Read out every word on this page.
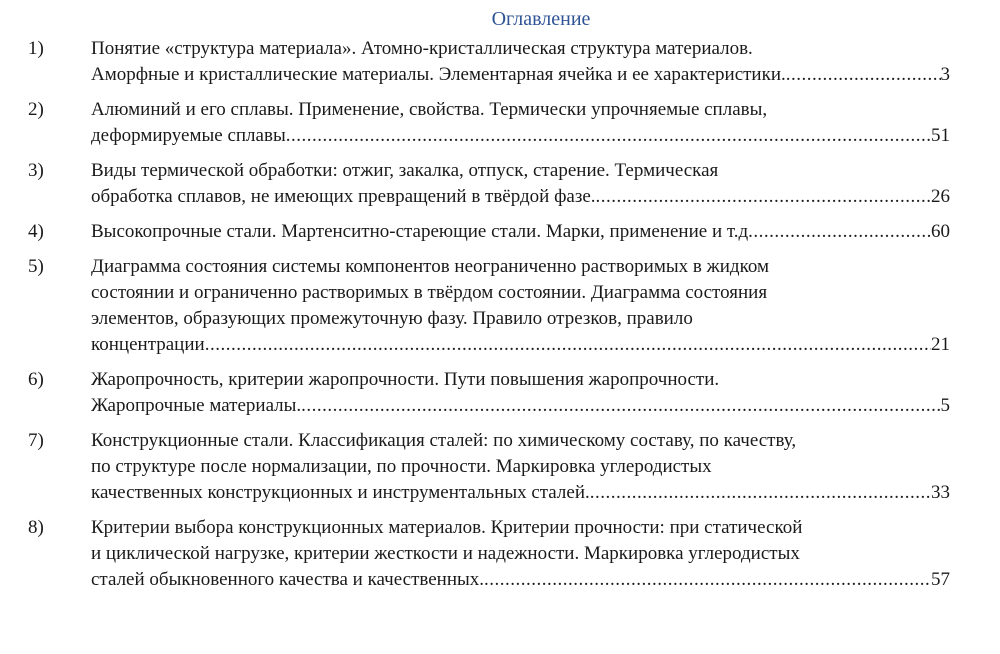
Оглавление
1) Понятие «структура материала». Атомно-кристаллическая структура материалов.
Аморфные и кристаллические материалы. Элементарная ячейка и ее характеристики. .....	3
2) Алюминий и его сплавы. Применение, свойства. Термически упрочняемые сплавы,
деформируемые сплавы .....	51
3) Виды термической обработки: отжиг, закалка, отпуск, старение. Термическая
обработка сплавов, не имеющих превращений в твёрдой фазе. .....	26
4) Высокопрочные стали. Мартенситно-стареющие стали. Марки, применение и т.д .....	60
5) Диаграмма состояния системы компонентов неограниченно растворимых в жидком
состоянии и ограниченно растворимых в твёрдом состоянии. Диаграмма состояния
элементов, образующих промежуточную фазу. Правило отрезков, правило
концентрации .....	21
6) Жаропрочность, критерии жаропрочности. Пути повышения жаропрочности.
Жаропрочные материалы. .....	5
7) Конструкционные стали. Классификация сталей: по химическому составу, по качеству,
по структуре после нормализации, по прочности. Маркировка углеродистых
качественных конструкционных и инструментальных сталей. .....	33
8) Критерии выбора конструкционных материалов. Критерии прочности: при статической
и циклической нагрузке, критерии жесткости и надежности. Маркировка углеродистых
сталей обыкновенного качества и качественных. .....	57
